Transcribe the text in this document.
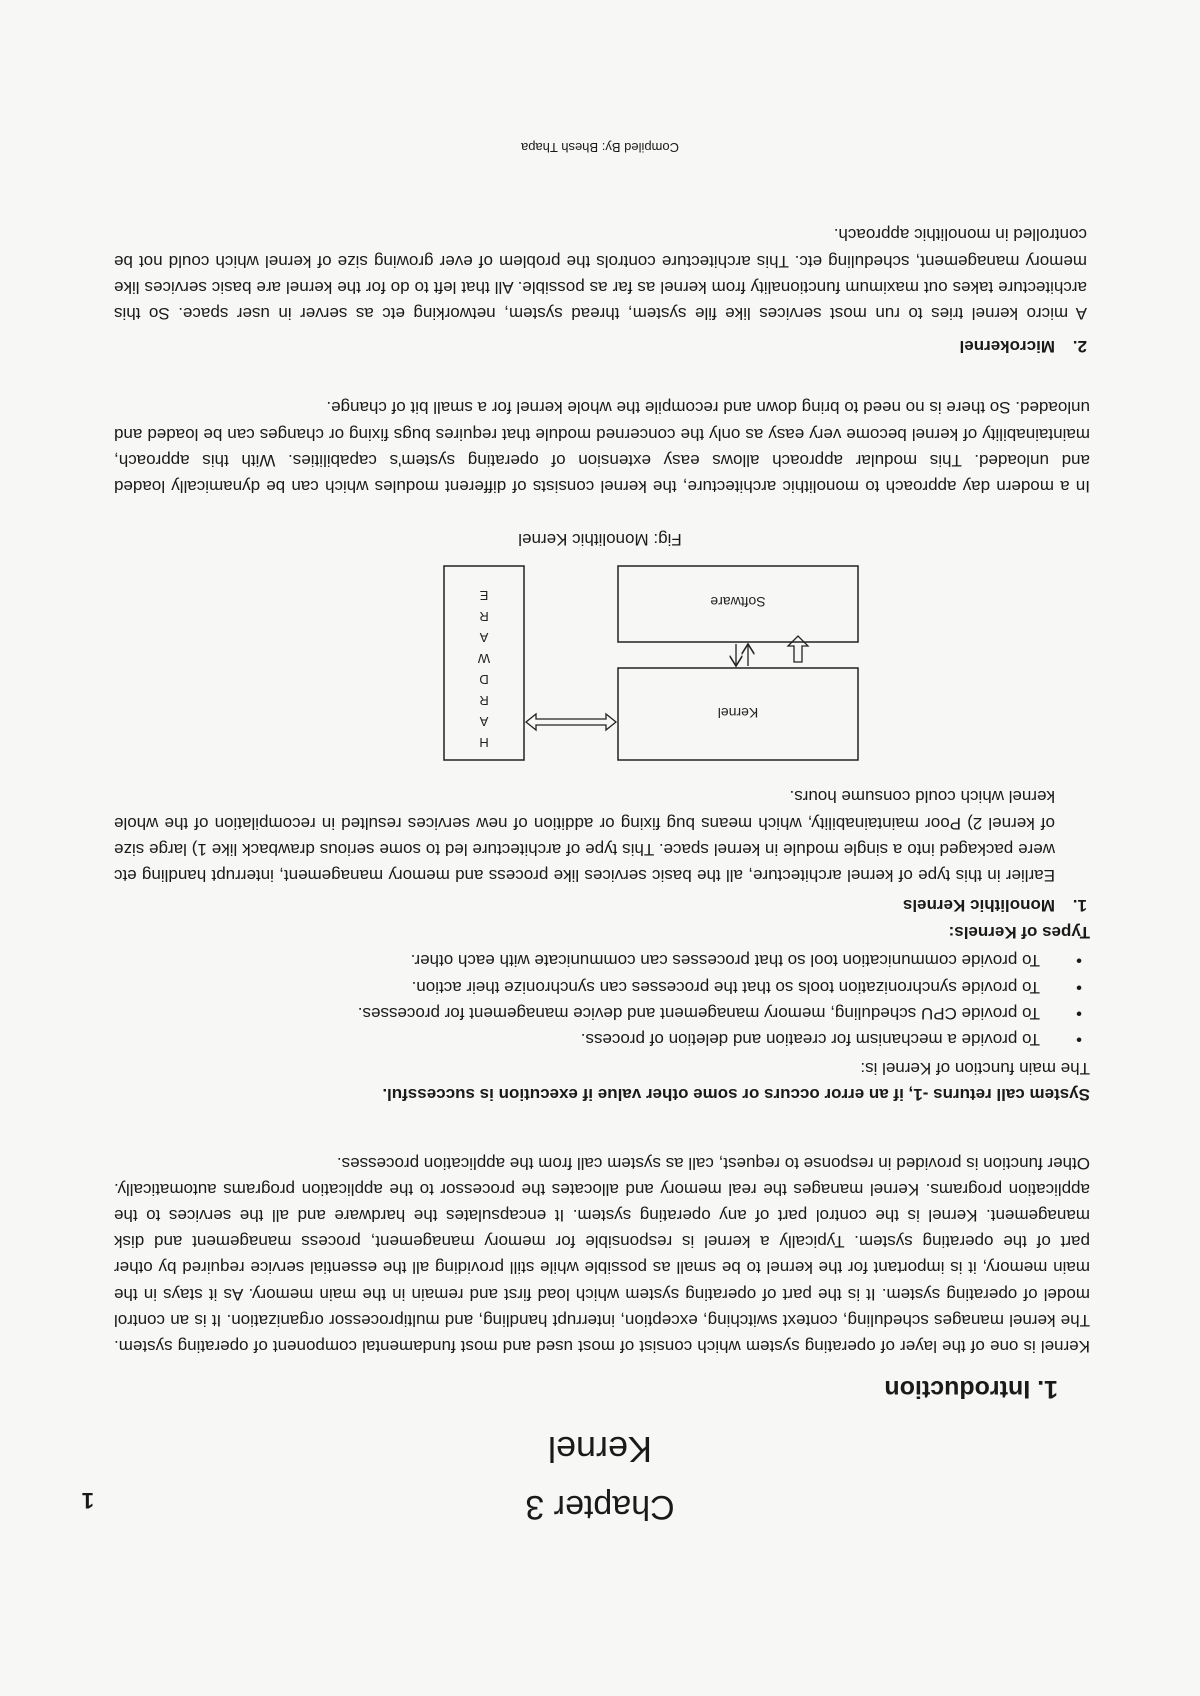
1	Chapter 3
Kernel
1. Introduction
Kernel is one of the layer of operating system which consist of most used and most fundamental component of operating system. The kernel manages scheduling, context switching, exception, interrupt handling, and multiprocessor organization. It is an control model of operating system. It is the part of operating system which load first and remain in the main memory. As it stays in the main memory, it is important for the kernel to be small as possible while still providing all the essential service required by other part of the operating system. Typically a kernel is responsible for memory management, process management and disk management. Kernel is the control part of any operating system. It encapsulates the hardware and all the services to the application programs. Kernel manages the real memory and allocates the processor to the application programs automatically. Other function is provided in response to request, call as system call from the application processes.
System call returns -1, if an error occurs or some other value if execution is successful.
The main function of Kernel is:
• To provide a mechanism for creation and deletion of process.
• To provide CPU scheduling, memory management and device management for processes.
• To provide synchronization tools so that the processes can synchronize their action.
• To provide communication tool so that processes can communicate with each other.
Types of Kernels:
1.Monolithic Kernels
Earlier in this type of kernel architecture, all the basic services like process and memory management, interrupt handling etc were packaged into a single module in kernel space. This type of architecture led to some serious drawback like 1) large size of kernel 2) Poor maintainability, which means bug fixing or addition of new services resulted in recompilation of the whole kernel which could consume hours.
Kernel
Software
H
A
R
D
W
A
R
E
Fig: Monolithic Kernel
In a modern day approach to monolithic architecture, the kernel consists of different modules which can be dynamically loaded and unloaded. This modular approach allows easy extension of operating system's capabilities. With this approach, maintainability of kernel become very easy as only the concerned module that requires bugs fixing or changes can be loaded and unloaded. So there is no need to bring down and recompile the whole kernel for a small bit of change.
2.Microkernel
A micro kernel tries to run most services like file system, thread system, networking etc as server in user space. So this architecture takes out maximum functionality from kernel as far as possible. All that left to do for the kernel are basic services like memory management, scheduling etc. This architecture controls the problem of ever growing size of kernel which could not be controlled in monolithic approach.
Compiled By: Bhesh Thapa
